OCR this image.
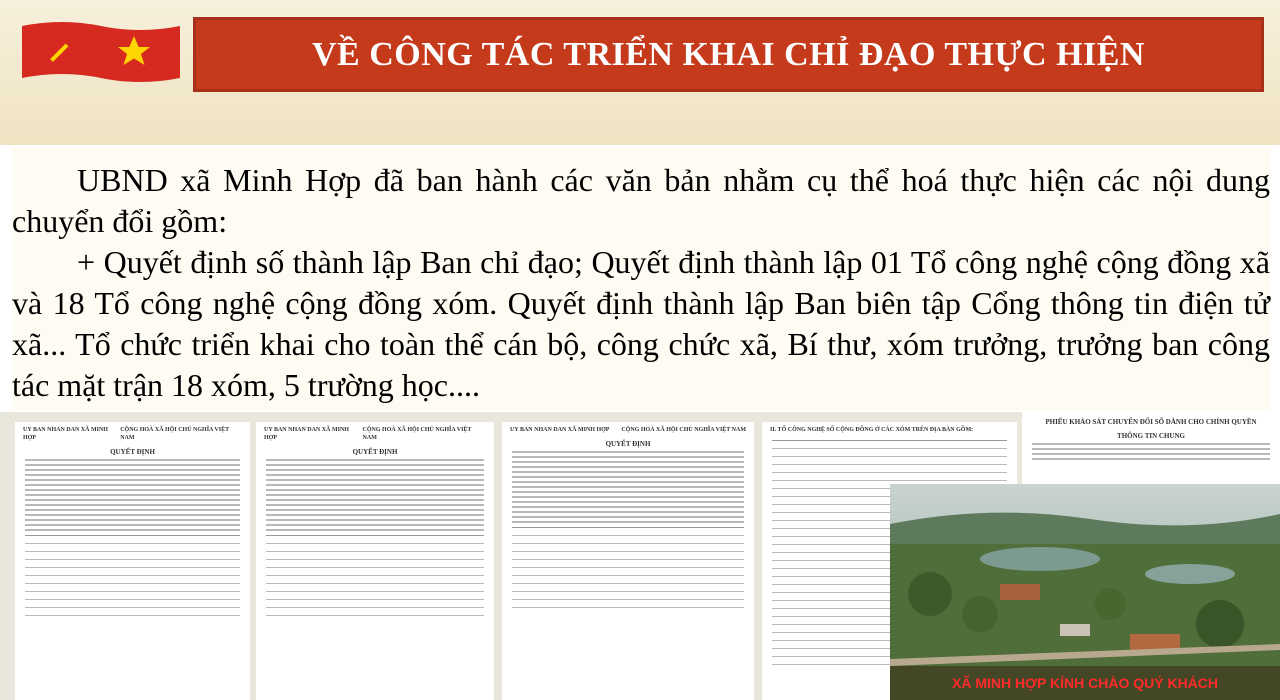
VỀ CÔNG TÁC TRIỂN KHAI CHỈ ĐẠO THỰC HIỆN

UBND xã Minh Hợp đã ban hành các văn bản nhằm cụ thể hoá thực hiện các nội dung chuyển đổi gồm:

+ Quyết định số thành lập Ban chỉ đạo; Quyết định thành lập 01 Tổ công nghệ cộng đồng xã và 18 Tổ công nghệ cộng đồng xóm. Quyết định thành lập Ban biên tập Cổng thông tin điện tử xã... Tổ chức triển khai cho toàn thể cán bộ, công chức xã, Bí thư, xóm trưởng, trưởng ban công tác mặt trận 18 xóm, 5 trường học....

UY BAN NHAN DAN XÃ MINH HỢP
CỘNG HOÀ XÃ HỘI CHỦ NGHĨA VIỆT NAM
QUYẾT ĐỊNH
UY BAN NHAN DAN XÃ MINH HỢP
CỘNG HOÀ XÃ HỘI CHỦ NGHĨA VIỆT NAM
QUYẾT ĐỊNH
UY BAN NHAN DAN XÃ MINH HỢP CỘNG HOÀ XÃ HỘI CHỦ NGHĨA VIỆT NAM
QUYẾT ĐỊNH
II. TỔ CÔNG NGHỆ SỐ CỘNG ĐỒNG Ở CÁC XÓM TRÊN ĐỊA BÀN GỒM:
PHIẾU KHẢO SÁT CHUYỂN ĐỔI SỐ DÀNH CHO CHÍNH QUYỀN
THÔNG TIN CHUNG
XÃ MINH HỢP KÍNH CHÀO QUÝ KHÁCH
